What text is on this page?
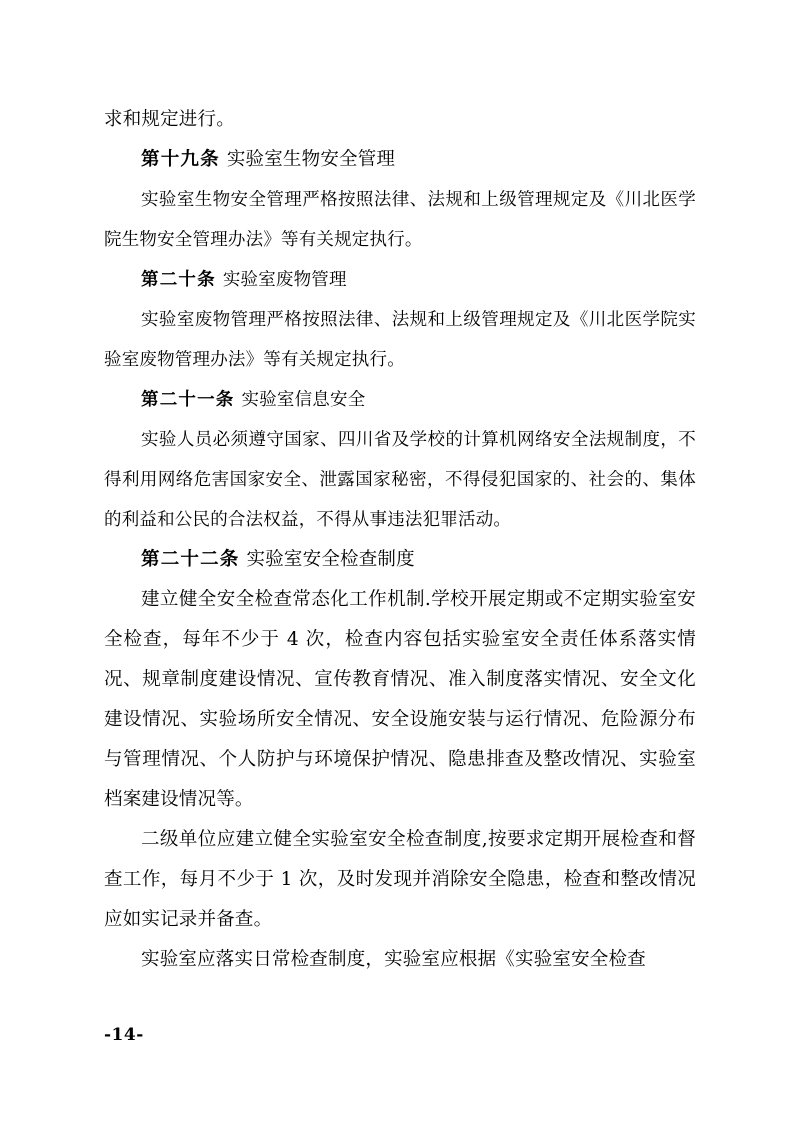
求和规定进行。

第十九条 实验室生物安全管理

实验室生物安全管理严格按照法律、法规和上级管理规定及《川北医学院生物安全管理办法》等有关规定执行。

第二十条 实验室废物管理

实验室废物管理严格按照法律、法规和上级管理规定及《川北医学院实验室废物管理办法》等有关规定执行。

第二十一条 实验室信息安全

实验人员必须遵守国家、四川省及学校的计算机网络安全法规制度，不得利用网络危害国家安全、泄露国家秘密，不得侵犯国家的、社会的、集体的利益和公民的合法权益，不得从事违法犯罪活动。

第二十二条 实验室安全检查制度

建立健全安全检查常态化工作机制.学校开展定期或不定期实验室安全检查，每年不少于 4 次，检查内容包括实验室安全责任体系落实情况、规章制度建设情况、宣传教育情况、准入制度落实情况、安全文化建设情况、实验场所安全情况、安全设施安装与运行情况、危险源分布与管理情况、个人防护与环境保护情况、隐患排查及整改情况、实验室档案建设情况等。

二级单位应建立健全实验室安全检查制度,按要求定期开展检查和督查工作，每月不少于 1 次，及时发现并消除安全隐患，检查和整改情况应如实记录并备查。

实验室应落实日常检查制度，实验室应根据《实验室安全检查

-14-
